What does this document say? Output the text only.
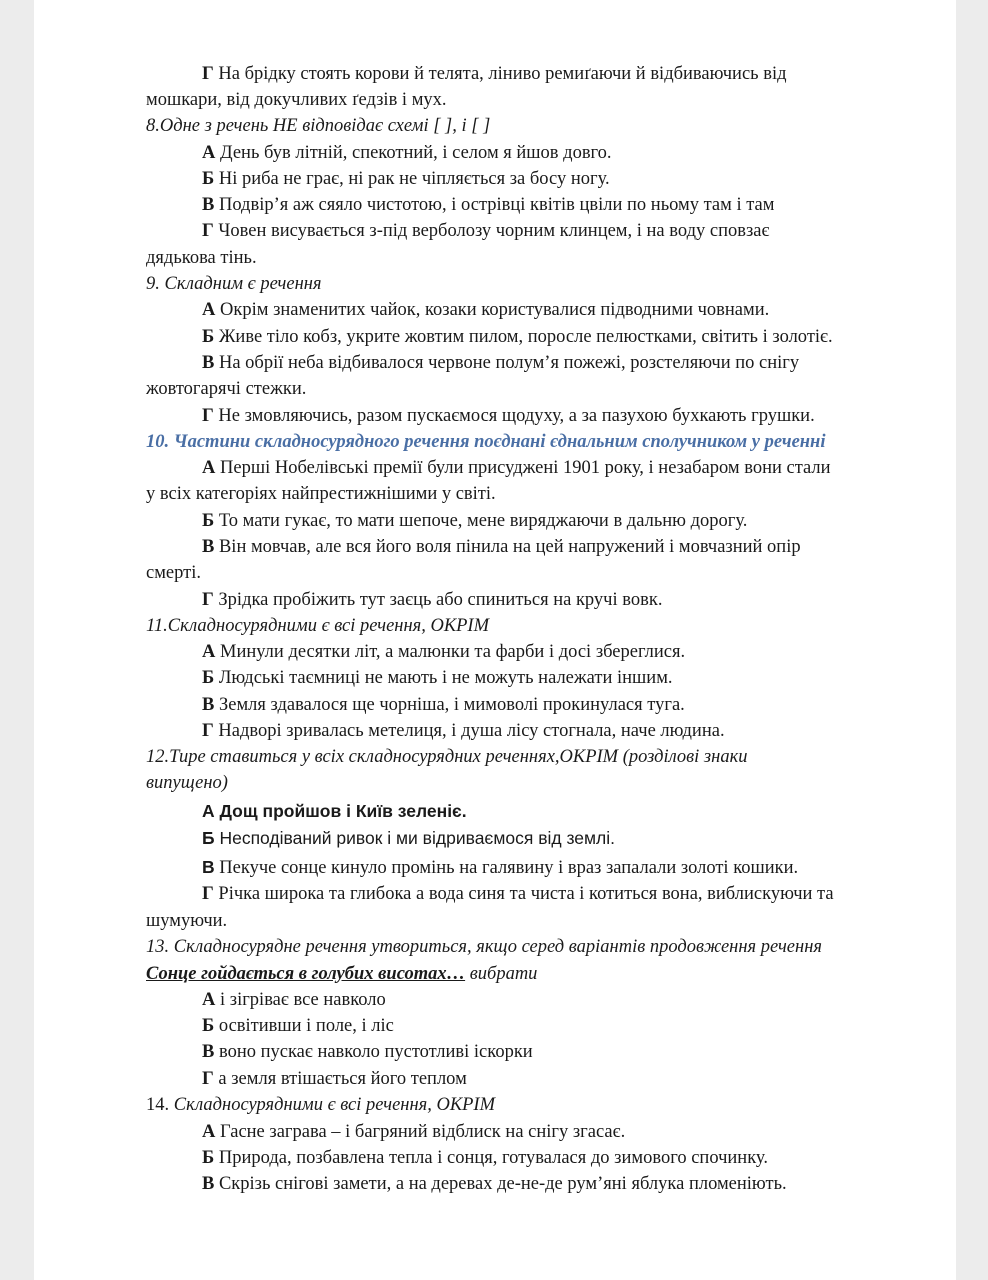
Г На брідку стоять корови й телята, ліниво ремиґаючи й відбиваючись від
мошкари, від докучливих ґедзів і мух.
8.Одне з речень НЕ відповідає схемі [ ], і [ ]
А День був літній, спекотний, і селом я йшов довго.
Б Ні риба не грає, ні рак не чіпляється за босу ногу.
В Подвір’я аж сяяло чистотою, і острівці квітів цвіли по ньому там і там
Г Човен висувається з-під верболозу чорним клинцем, і на воду сповзає
дядькова тінь.
9. Складним є речення
А Окрім знаменитих чайок, козаки користувалися підводними човнами.
Б Живе тіло кобз, укрите жовтим пилом, поросле пелюстками, світить і золотіє.
В На обрії неба відбивалося червоне полум’я пожежі, розстеляючи по снігу
жовтогарячі стежки.
Г Не змовляючись, разом пускаємося щодуху, а за пазухою бухкають грушки.
10. Частини складносурядного речення поєднані єднальним сполучником у реченні
А Перші Нобелівські премії були присуджені 1901 року, і незабаром вони стали
у всіх категоріях найпрестижнішими у світі.
Б То мати гукає, то мати шепоче, мене виряджаючи в дальню дорогу.
В Він мовчав, але вся його воля пінила на цей напружений і мовчазний опір
смерті.
Г Зрідка пробіжить тут заєць або спиниться на кручі вовк.
11.Складносурядними є всі речення, ОКРІМ
А Минули десятки літ, а малюнки та фарби і досі збереглися.
Б Людські таємниці не мають і не можуть належати іншим.
В Земля здавалося ще чорніша, і мимоволі прокинулася туга.
Г Надворі зривалась метелиця, і душа лісу стогнала, наче людина.
12.Тире ставиться у всіх складносурядних реченнях,ОКРІМ (розділові знаки
випущено)
А Дощ пройшов і Київ зеленіє.
Б Несподіваний ривок і ми відриваємося від землі.
В Пекуче сонце кинуло промінь на галявину і враз запалали золоті кошики.
Г Річка широка та глибока а вода синя та чиста і котиться вона, виблискуючи та
шумуючи.
13. Складносурядне речення утвориться, якщо серед варіантів продовження речення
Сонце гойдається в голубих висотах… вибрати
А і зігріває все навколо
Б освітивши і поле, і ліс
В воно пускає навколо пустотливі іскорки
Г а земля втішається його теплом
14. Складносурядними є всі речення, ОКРІМ
А Гасне заграва – і багряний відблиск на снігу згасає.
Б Природа, позбавлена тепла і сонця, готувалася до зимового спочинку.
В Скрізь снігові замети, а на деревах де-не-де рум’яні яблука пломеніють.
